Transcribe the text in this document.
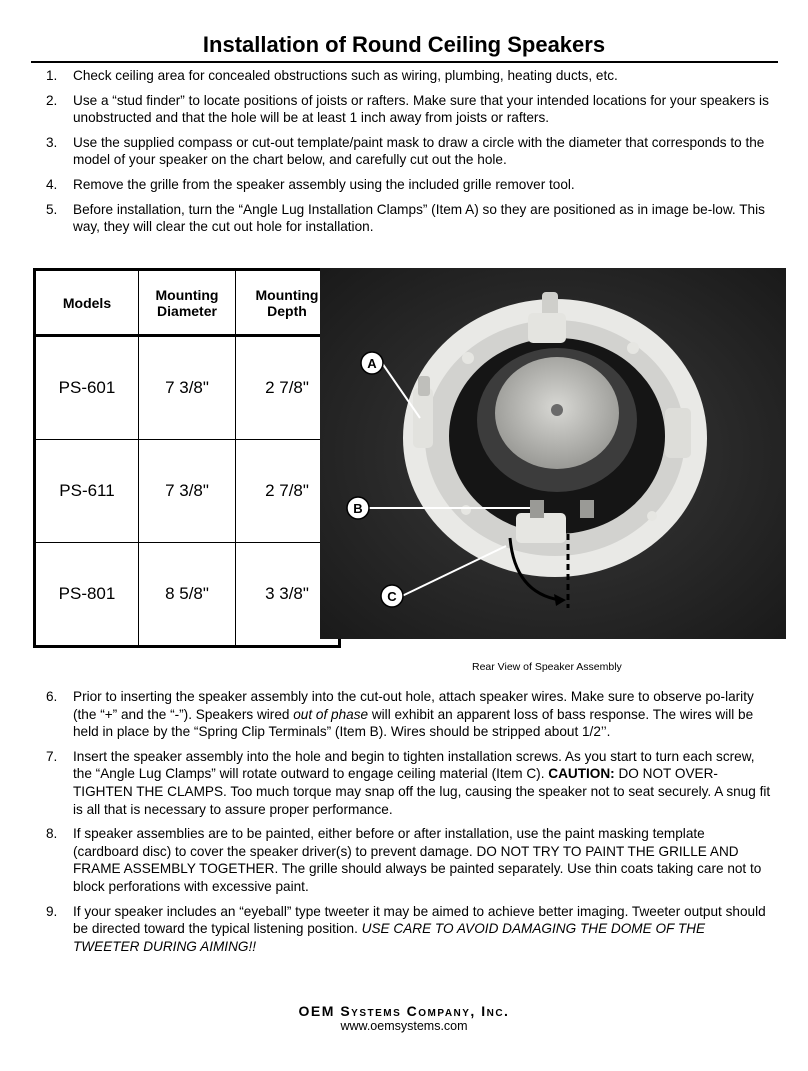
Installation of Round Ceiling Speakers
1. Check ceiling area for concealed obstructions such as wiring, plumbing, heating ducts, etc.
2. Use a “stud finder” to locate positions of joists or rafters. Make sure that your intended locations for your speakers is unobstructed and that the hole will be at least 1 inch away from joists or rafters.
3. Use the supplied compass or cut-out template/paint mask to draw a circle with the diameter that corresponds to the model of your speaker on the chart below, and carefully cut out the hole.
4. Remove the grille from the speaker assembly using the included grille remover tool.
5. Before installation, turn the “Angle Lug Installation Clamps” (Item A) so they are positioned as in image be-low. This way, they will clear the cut out hole for installation.
Models	Mounting Diameter	Mounting Depth
PS-601	7 3/8"	2 7/8"
PS-611	7 3/8"	2 7/8"
PS-801	8 5/8"	3 3/8"
A
B
C
Rear View of Speaker Assembly
6. Prior to inserting the speaker assembly into the cut-out hole, attach speaker wires. Make sure to observe po-larity (the “+” and the “-”). Speakers wired out of phase will exhibit an apparent loss of bass response. The wires will be held in place by the “Spring Clip Terminals” (Item B). Wires should be stripped about 1/2’’.
7. Insert the speaker assembly into the hole and begin to tighten installation screws. As you start to turn each screw, the “Angle Lug Clamps” will rotate outward to engage ceiling material (Item C). CAUTION: DO NOT OVER-TIGHTEN THE CLAMPS. Too much torque may snap off the lug, causing the speaker not to seat securely. A snug fit is all that is necessary to assure proper performance.
8. If speaker assemblies are to be painted, either before or after installation, use the paint masking template (cardboard disc) to cover the speaker driver(s) to prevent damage. DO NOT TRY TO PAINT THE GRILLE AND FRAME ASSEMBLY TOGETHER. The grille should always be painted separately. Use thin coats taking care not to block perforations with excessive paint.
9. If your speaker includes an “eyeball” type tweeter it may be aimed to achieve better imaging. Tweeter output should be directed toward the typical listening position. USE CARE TO AVOID DAMAGING THE DOME OF THE TWEETER DURING AIMING!!
OEM Systems Company, Inc.
www.oemsystems.com
